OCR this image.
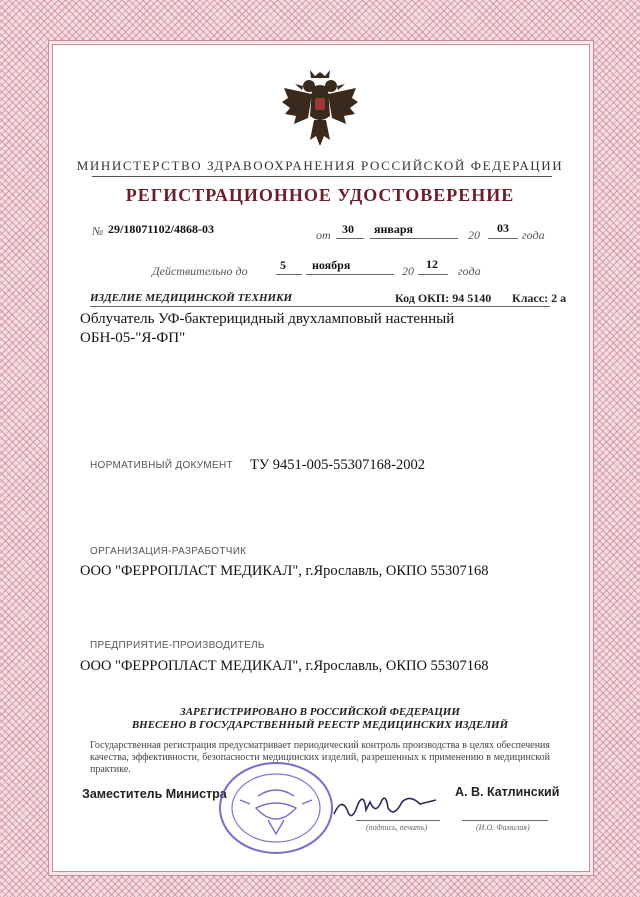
МИНИСТЕРСТВО ЗДРАВООХРАНЕНИЯ РОССИЙСКОЙ ФЕДЕРАЦИИ
РЕГИСТРАЦИОННОЕ УДОСТОВЕРЕНИЕ
№ 29/18071102/4868-03	от 30 января	20 03 года
Действительно до	5 ноября	20 12 года
ИЗДЕЛИЕ МЕДИЦИНСКОЙ ТЕХНИКИ	Код ОКП: 94 5140 Класс: 2 а
Облучатель УФ-бактерицидный двухламповый настенный
ОБН-05-"Я-ФП"
НОРМАТИВНЫЙ ДОКУМЕНТ ТУ 9451-005-55307168-2002
ОРГАНИЗАЦИЯ-РАЗРАБОТЧИК
ООО "ФЕРРОПЛАСТ МЕДИКАЛ", г.Ярославль, ОКПО 55307168
ПРЕДПРИЯТИЕ-ПРОИЗВОДИТЕЛЬ
ООО "ФЕРРОПЛАСТ МЕДИКАЛ", г.Ярославль, ОКПО 55307168
ЗАРЕГИСТРИРОВАНО В РОССИЙСКОЙ ФЕДЕРАЦИИ
ВНЕСЕНО В ГОСУДАРСТВЕННЫЙ РЕЕСТР МЕДИЦИНСКИХ ИЗДЕЛИЙ
Государственная регистрация предусматривает периодический контроль производства в целях обеспечения качества, эффективности, безопасности медицинских изделий, разрешенных к применению в медицинской практике.
Заместитель Министра	А. В. Катлинский
(подпись, печать)	(И.О. Фамилия)
